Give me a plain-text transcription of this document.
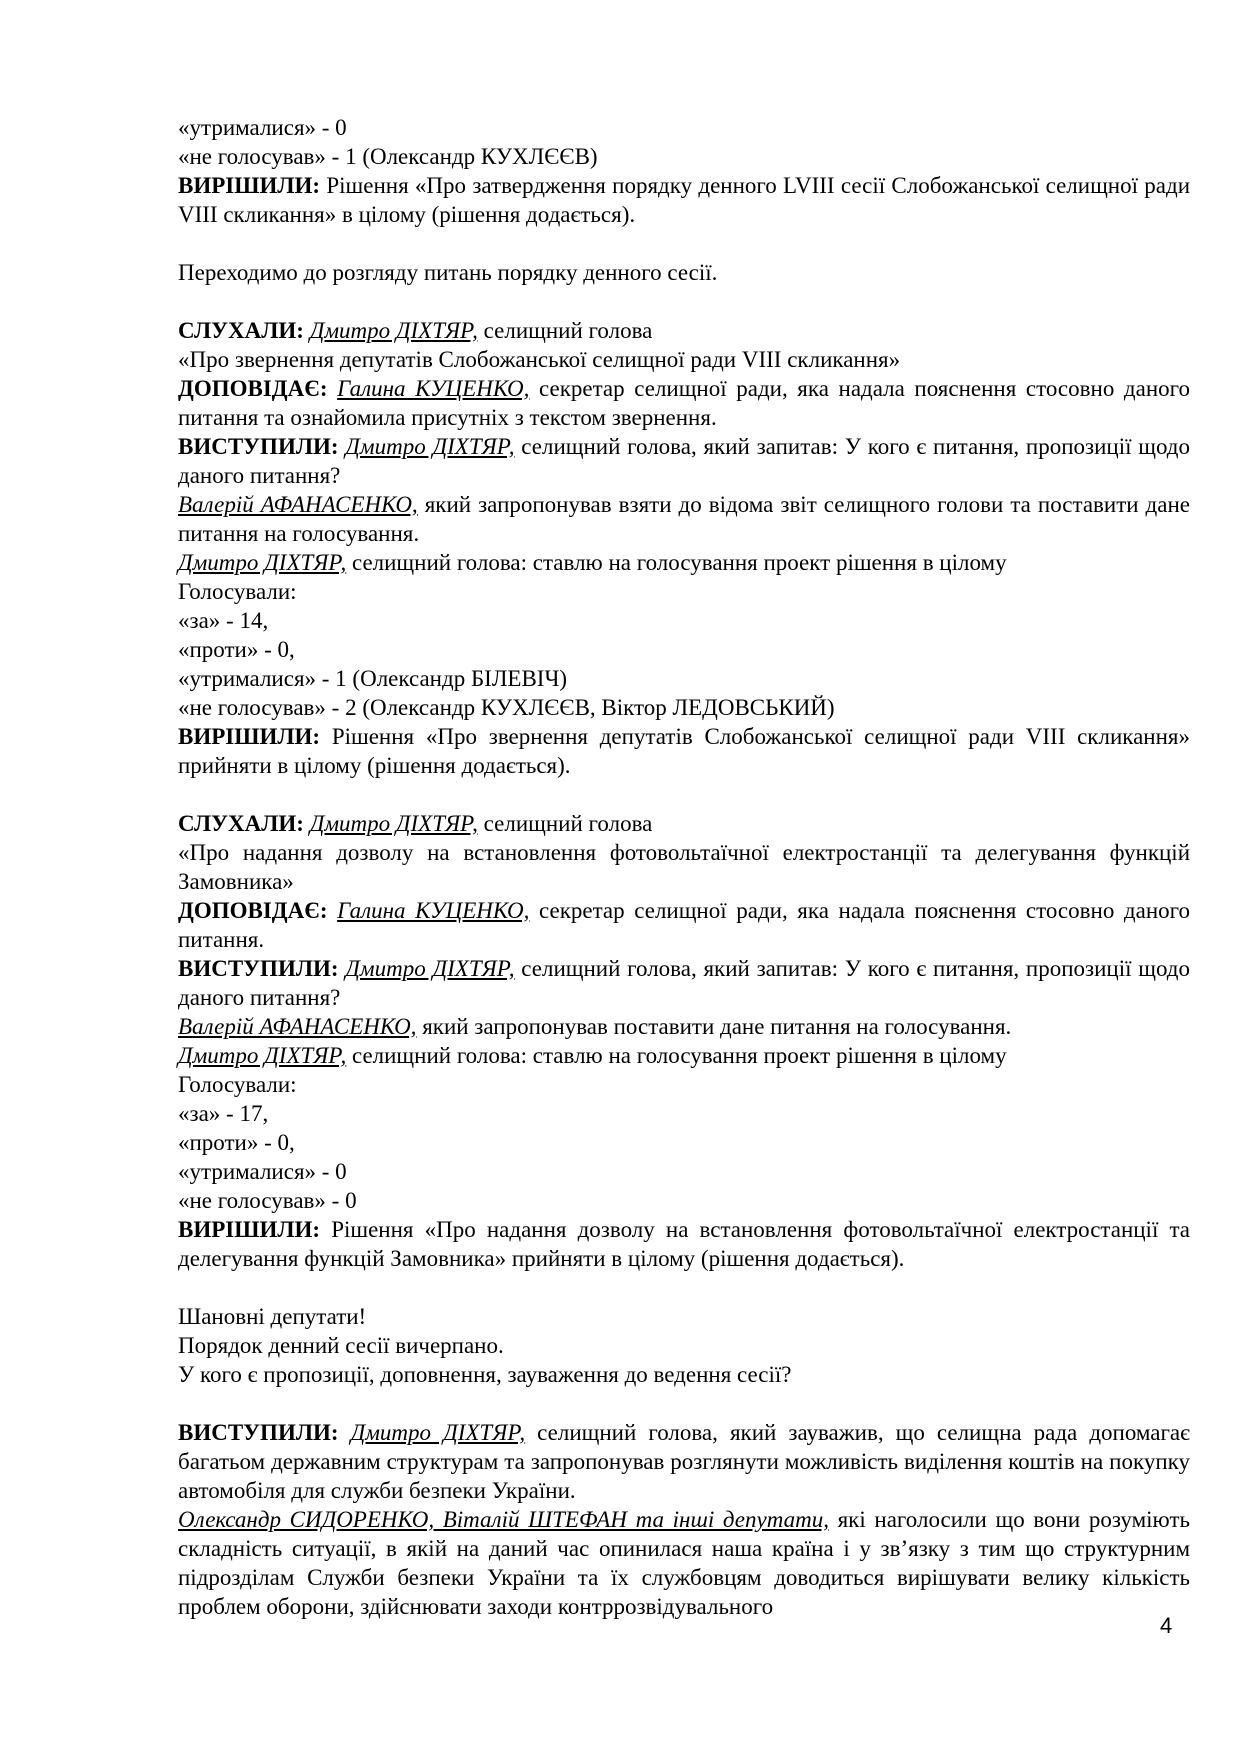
«утрималися» - 0

«не голосував» - 1 (Олександр КУХЛЄЄВ)

ВИРІШИЛИ: Рішення «Про затвердження порядку денного LVIII сесії Слобожанської селищної ради VIII скликання» в цілому (рішення додається).

Переходимо до розгляду питань порядку денного сесії.

СЛУХАЛИ: Дмитро ДІХТЯР, селищний голова

«Про звернення депутатів Слобожанської селищної ради VIII скликання»

ДОПОВІДАЄ: Галина КУЦЕНКО, секретар селищної ради, яка надала пояснення стосовно даного питання та ознайомила присутніх з текстом звернення.

ВИСТУПИЛИ: Дмитро ДІХТЯР, селищний голова, який запитав: У кого є питання, пропозиції щодо даного питання?

Валерій АФАНАСЕНКО, який запропонував взяти до відома звіт селищного голови та поставити дане питання на голосування.

Дмитро ДІХТЯР, селищний голова: ставлю на голосування проект рішення в цілому

Голосували:

«за» - 14,

«проти» - 0,

«утрималися» - 1 (Олександр БІЛЕВІЧ)

«не голосував» - 2 (Олександр КУХЛЄЄВ, Віктор ЛЕДОВСЬКИЙ)

ВИРІШИЛИ: Рішення «Про звернення депутатів Слобожанської селищної ради VIII скликання» прийняти в цілому (рішення додається).

СЛУХАЛИ: Дмитро ДІХТЯР, селищний голова

«Про надання дозволу на встановлення фотовольтаїчної електростанції та делегування функцій Замовника»

ДОПОВІДАЄ: Галина КУЦЕНКО, секретар селищної ради, яка надала пояснення стосовно даного питання.

ВИСТУПИЛИ: Дмитро ДІХТЯР, селищний голова, який запитав: У кого є питання, пропозиції щодо даного питання?

Валерій АФАНАСЕНКО, який запропонував поставити дане питання на голосування.

Дмитро ДІХТЯР, селищний голова: ставлю на голосування проект рішення в цілому

Голосували:

«за» - 17,

«проти» - 0,

«утрималися» - 0

«не голосував» - 0

ВИРІШИЛИ: Рішення «Про надання дозволу на встановлення фотовольтаїчної електростанції та делегування функцій Замовника» прийняти в цілому (рішення додається).

Шановні депутати!

Порядок денний сесії вичерпано.

У кого є пропозиції, доповнення, зауваження до ведення сесії?

ВИСТУПИЛИ: Дмитро ДІХТЯР, селищний голова, який зауважив, що селищна рада допомагає багатьом державним структурам та запропонував розглянути можливість виділення коштів на покупку автомобіля для служби безпеки України.

Олександр СИДОРЕНКО, Віталій ШТЕФАН та інші депутати, які наголосили що вони розуміють складність ситуації, в якій на даний час опинилася наша країна і у зв’язку з тим що структурним підрозділам Служби безпеки України та їх службовцям доводиться вирішувати велику кількість проблем оборони, здійснювати заходи контррозвідувального

4
